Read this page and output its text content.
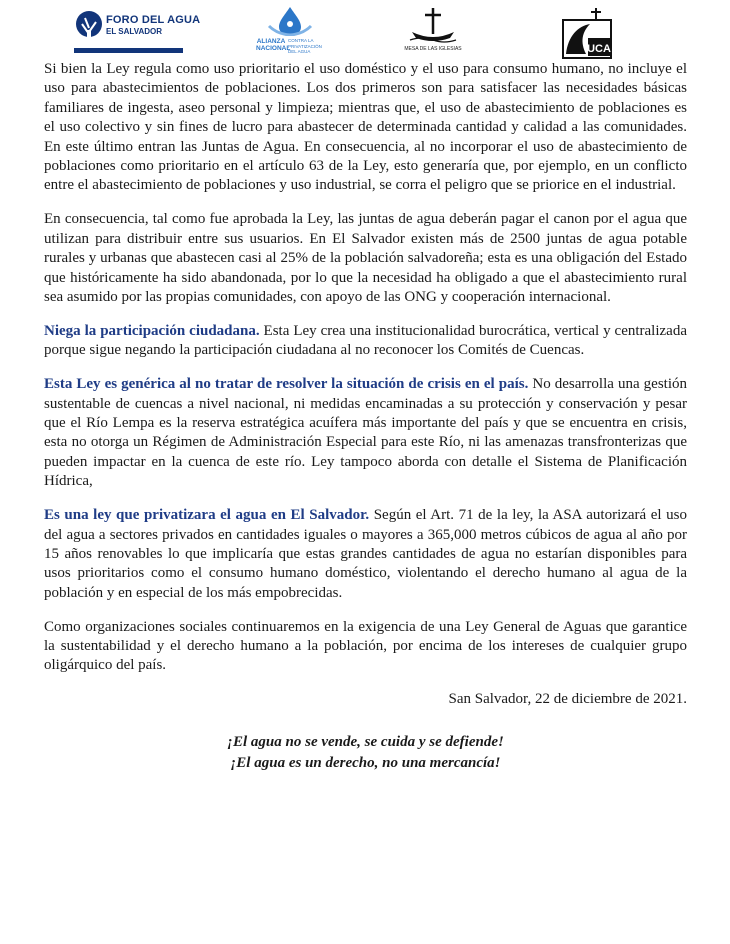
FORO DEL AGUA
EL SALVADOR
ALIANZA NACIONAL
CONTRA LA PRIVATIZACIÓN DEL AGUA	MESA DE LAS IGLESIAS	UCA

Si bien la Ley regula como uso prioritario el uso doméstico y el uso para consumo humano, no incluye el uso para abastecimientos de poblaciones. Los dos primeros son para satisfacer las necesidades básicas familiares de ingesta, aseo personal y limpieza; mientras que, el uso de abastecimiento de poblaciones es el uso colectivo y sin fines de lucro para abastecer de determinada cantidad y calidad a las comunidades. En este último entran las Juntas de Agua. En consecuencia, al no incorporar el uso de abastecimiento de poblaciones como prioritario en el artículo 63 de la Ley, esto generaría que, por ejemplo, en un conflicto entre el abastecimiento de poblaciones y uso industrial, se corra el peligro que se priorice en el industrial.

En consecuencia, tal como fue aprobada la Ley, las juntas de agua deberán pagar el canon por el agua que utilizan para distribuir entre sus usuarios. En El Salvador existen más de 2500 juntas de agua potable rurales y urbanas que abastecen casi al 25% de la población salvadoreña; esta es una obligación del Estado que históricamente ha sido abandonada, por lo que la necesidad ha obligado a que el abastecimiento rural sea asumido por las propias comunidades, con apoyo de las ONG y cooperación internacional.

Niega la participación ciudadana. Esta Ley crea una institucionalidad burocrática, vertical y centralizada porque sigue negando la participación ciudadana al no reconocer los Comités de Cuencas.

Esta Ley es genérica al no tratar de resolver la situación de crisis en el país. No desarrolla una gestión sustentable de cuencas a nivel nacional, ni medidas encaminadas a su protección y conservación y pesar que el Río Lempa es la reserva estratégica acuífera más importante del país y que se encuentra en crisis, esta no otorga un Régimen de Administración Especial para este Río, ni las amenazas transfronterizas que pueden impactar en la cuenca de este río. Ley tampoco aborda con detalle el Sistema de Planificación Hídrica,

Es una ley que privatizara el agua en El Salvador. Según el Art. 71 de la ley, la ASA autorizará el uso del agua a sectores privados en cantidades iguales o mayores a 365,000 metros cúbicos de agua al año por 15 años renovables lo que implicaría que estas grandes cantidades de agua no estarían disponibles para usos prioritarios como el consumo humano doméstico, violentando el derecho humano al agua de la población y en especial de los más empobrecidas.

Como organizaciones sociales continuaremos en la exigencia de una Ley General de Aguas que garantice la sustentabilidad y el derecho humano a la población, por encima de los intereses de cualquier grupo oligárquico del país.

San Salvador, 22 de diciembre de 2021.

¡El agua no se vende, se cuida y se defiende!
¡El agua es un derecho, no una mercancía!
